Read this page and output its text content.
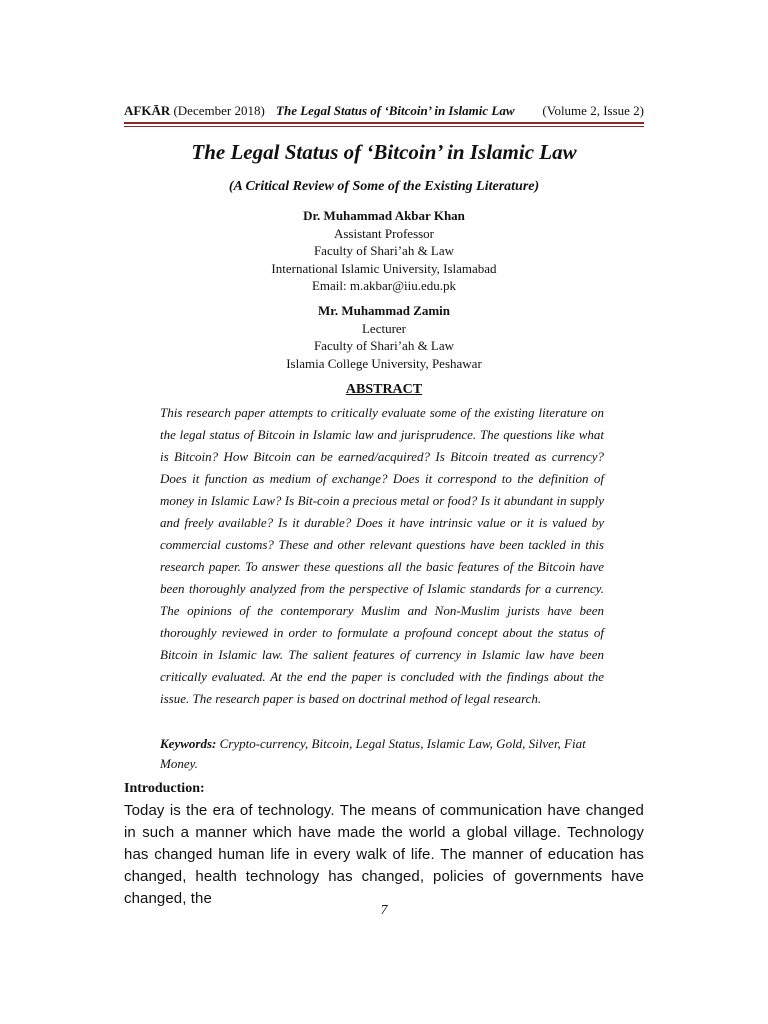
AFKĀR (December 2018) The Legal Status of ‘Bitcoin’ in Islamic Law (Volume 2, Issue 2)
The Legal Status of ‘Bitcoin’ in Islamic Law
(A Critical Review of Some of the Existing Literature)
Dr. Muhammad Akbar Khan
Assistant Professor
Faculty of Shari’ah & Law
International Islamic University, Islamabad
Email: m.akbar@iiu.edu.pk
Mr. Muhammad Zamin
Lecturer
Faculty of Shari’ah & Law
Islamia College University, Peshawar
ABSTRACT
This research paper attempts to critically evaluate some of the existing literature on the legal status of Bitcoin in Islamic law and jurisprudence. The questions like what is Bitcoin? How Bitcoin can be earned/acquired? Is Bitcoin treated as currency? Does it function as medium of exchange? Does it correspond to the definition of money in Islamic Law? Is Bit-coin a precious metal or food? Is it abundant in supply and freely available? Is it durable? Does it have intrinsic value or it is valued by commercial customs? These and other relevant questions have been tackled in this research paper. To answer these questions all the basic features of the Bitcoin have been thoroughly analyzed from the perspective of Islamic standards for a currency. The opinions of the contemporary Muslim and Non-Muslim jurists have been thoroughly reviewed in order to formulate a profound concept about the status of Bitcoin in Islamic law. The salient features of currency in Islamic law have been critically evaluated. At the end the paper is concluded with the findings about the issue. The research paper is based on doctrinal method of legal research.
Keywords: Crypto-currency, Bitcoin, Legal Status, Islamic Law, Gold, Silver, Fiat Money.
Introduction:
Today is the era of technology. The means of communication have changed in such a manner which have made the world a global village. Technology has changed human life in every walk of life. The manner of education has changed, health technology has changed, policies of governments have changed, the
7
